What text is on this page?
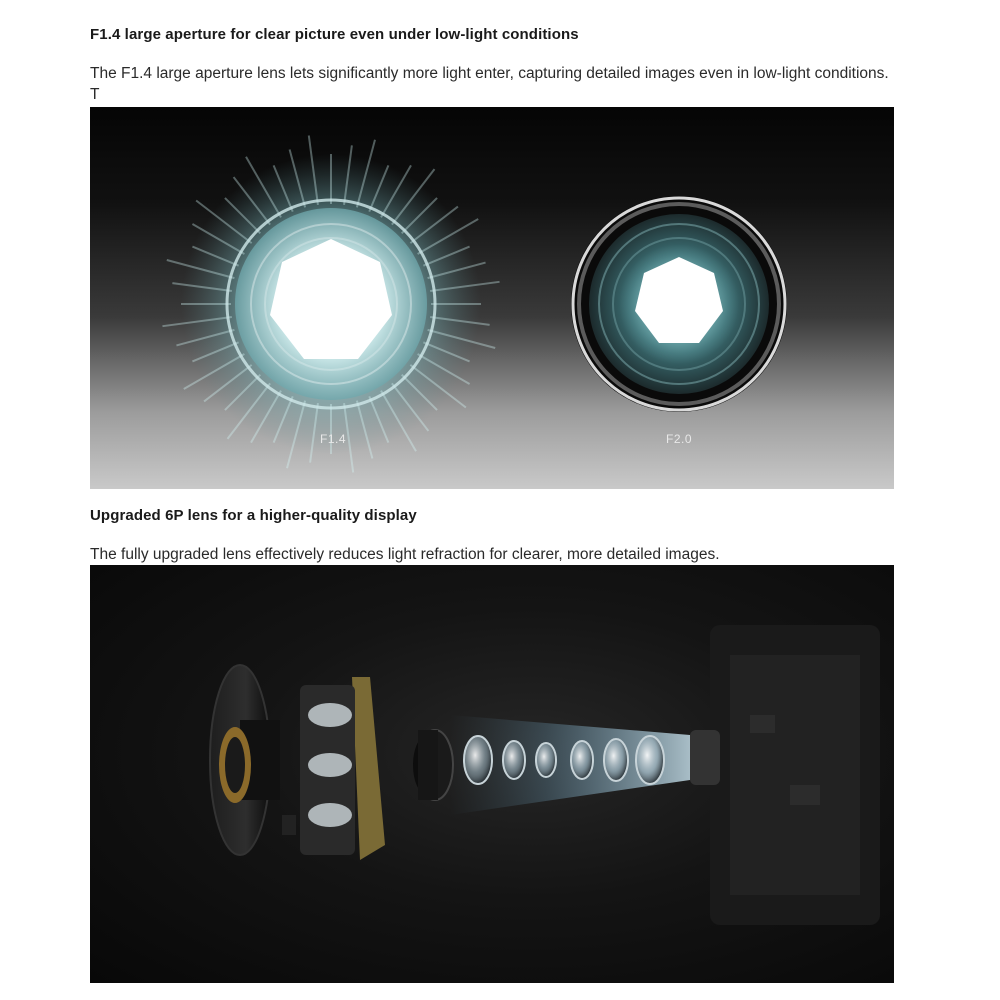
F1.4 large aperture for clear picture even under low-light conditions

The F1.4 large aperture lens lets significantly more light enter, capturing detailed images even in low-light conditions. T

F1.4	F2.0
Upgraded 6P lens for a higher-quality display

The fully upgraded lens effectively reduces light refraction for clearer, more detailed images.
